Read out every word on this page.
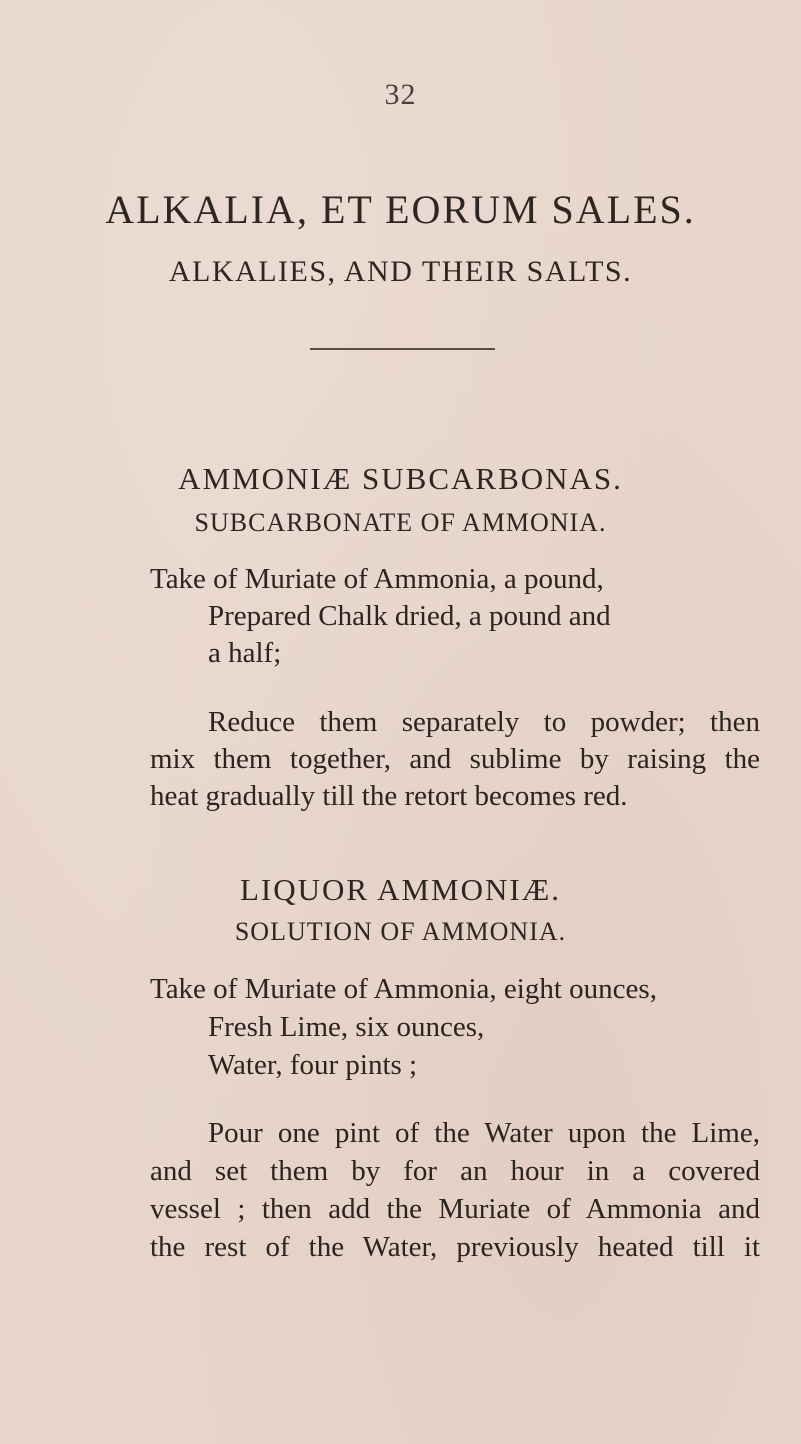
32
ALKALIA, ET EORUM SALES.
ALKALIES, AND THEIR SALTS.
AMMONIÆ SUBCARBONAS.
SUBCARBONATE OF AMMONIA.
Take of Muriate of Ammonia, a pound,
Prepared Chalk dried, a pound and
a half;
Reduce them separately to powder; then
mix them together, and sublime by raising the
heat gradually till the retort becomes red.
LIQUOR AMMONIÆ.
SOLUTION OF AMMONIA.
Take of Muriate of Ammonia, eight ounces,
Fresh Lime, six ounces,
Water, four pints ;
Pour one pint of the Water upon the Lime,
and set them by for an hour in a covered
vessel ; then add the Muriate of Ammonia and
the rest of the Water, previously heated till it
